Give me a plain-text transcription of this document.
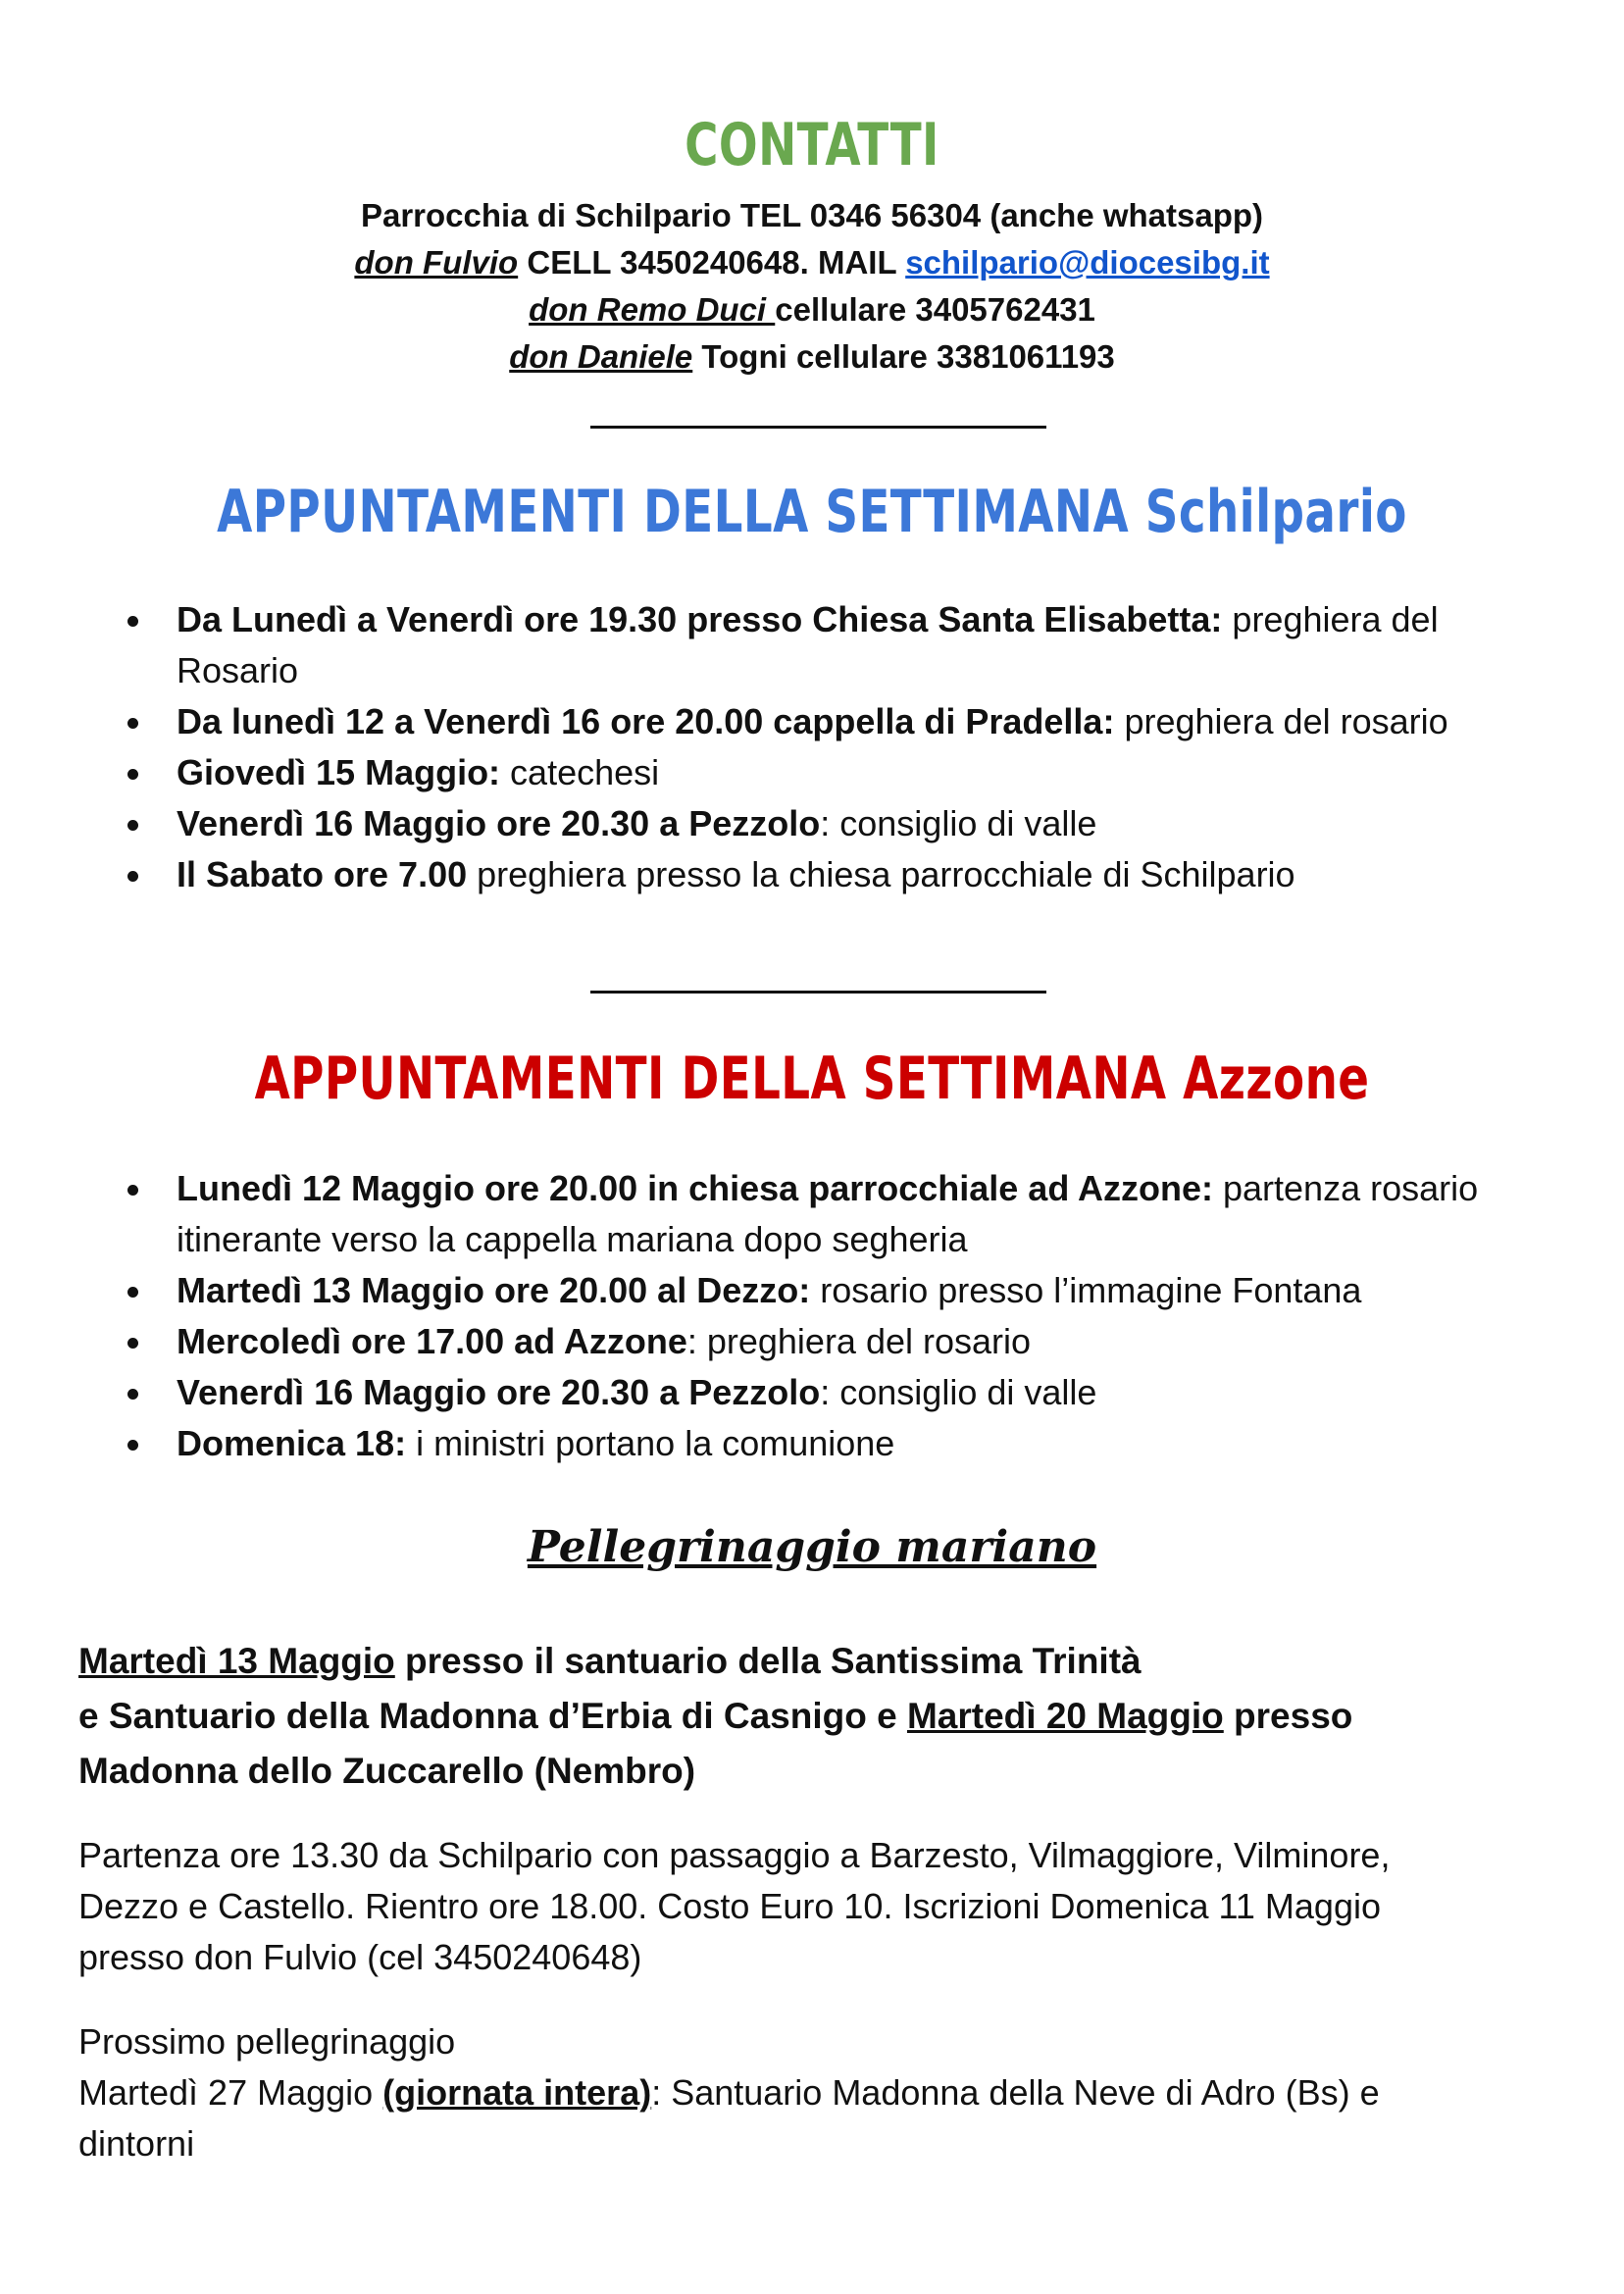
CONTATTI
Parrocchia di Schilpario TEL 0346 56304 (anche whatsapp)
don Fulvio CELL 3450240648. MAIL schilpario@diocesibg.it
don Remo Duci cellulare 3405762431
don Daniele Togni cellulare 3381061193
APPUNTAMENTI DELLA SETTIMANA Schilpario
Da Lunedì a Venerdì ore 19.30 presso Chiesa Santa Elisabetta: preghiera del Rosario
Da lunedì 12 a Venerdì 16 ore 20.00 cappella di Pradella: preghiera del rosario
Giovedì 15 Maggio: catechesi
Venerdì 16 Maggio ore 20.30 a Pezzolo: consiglio di valle
Il Sabato ore 7.00 preghiera presso la chiesa parrocchiale di Schilpario
APPUNTAMENTI DELLA SETTIMANA Azzone
Lunedì 12 Maggio ore 20.00 in chiesa parrocchiale ad Azzone: partenza rosario itinerante verso la cappella mariana dopo segheria
Martedì 13 Maggio ore 20.00 al Dezzo: rosario presso l’immagine Fontana
Mercoledì ore 17.00 ad Azzone: preghiera del rosario
Venerdì 16 Maggio ore 20.30 a Pezzolo: consiglio di valle
Domenica 18: i ministri portano la comunione
Pellegrinaggio mariano
Martedì 13 Maggio presso il santuario della Santissima Trinità
e Santuario della Madonna d’Erbia di Casnigo e Martedì 20 Maggio presso
Madonna dello Zuccarello (Nembro)
Partenza ore 13.30 da Schilpario con passaggio a Barzesto, Vilmaggiore, Vilminore,
Dezzo e Castello. Rientro ore 18.00. Costo Euro 10. Iscrizioni Domenica 11 Maggio
presso don Fulvio (cel 3450240648)
Prossimo pellegrinaggio
Martedì 27 Maggio (giornata intera): Santuario Madonna della Neve di Adro (Bs) e
dintorni
